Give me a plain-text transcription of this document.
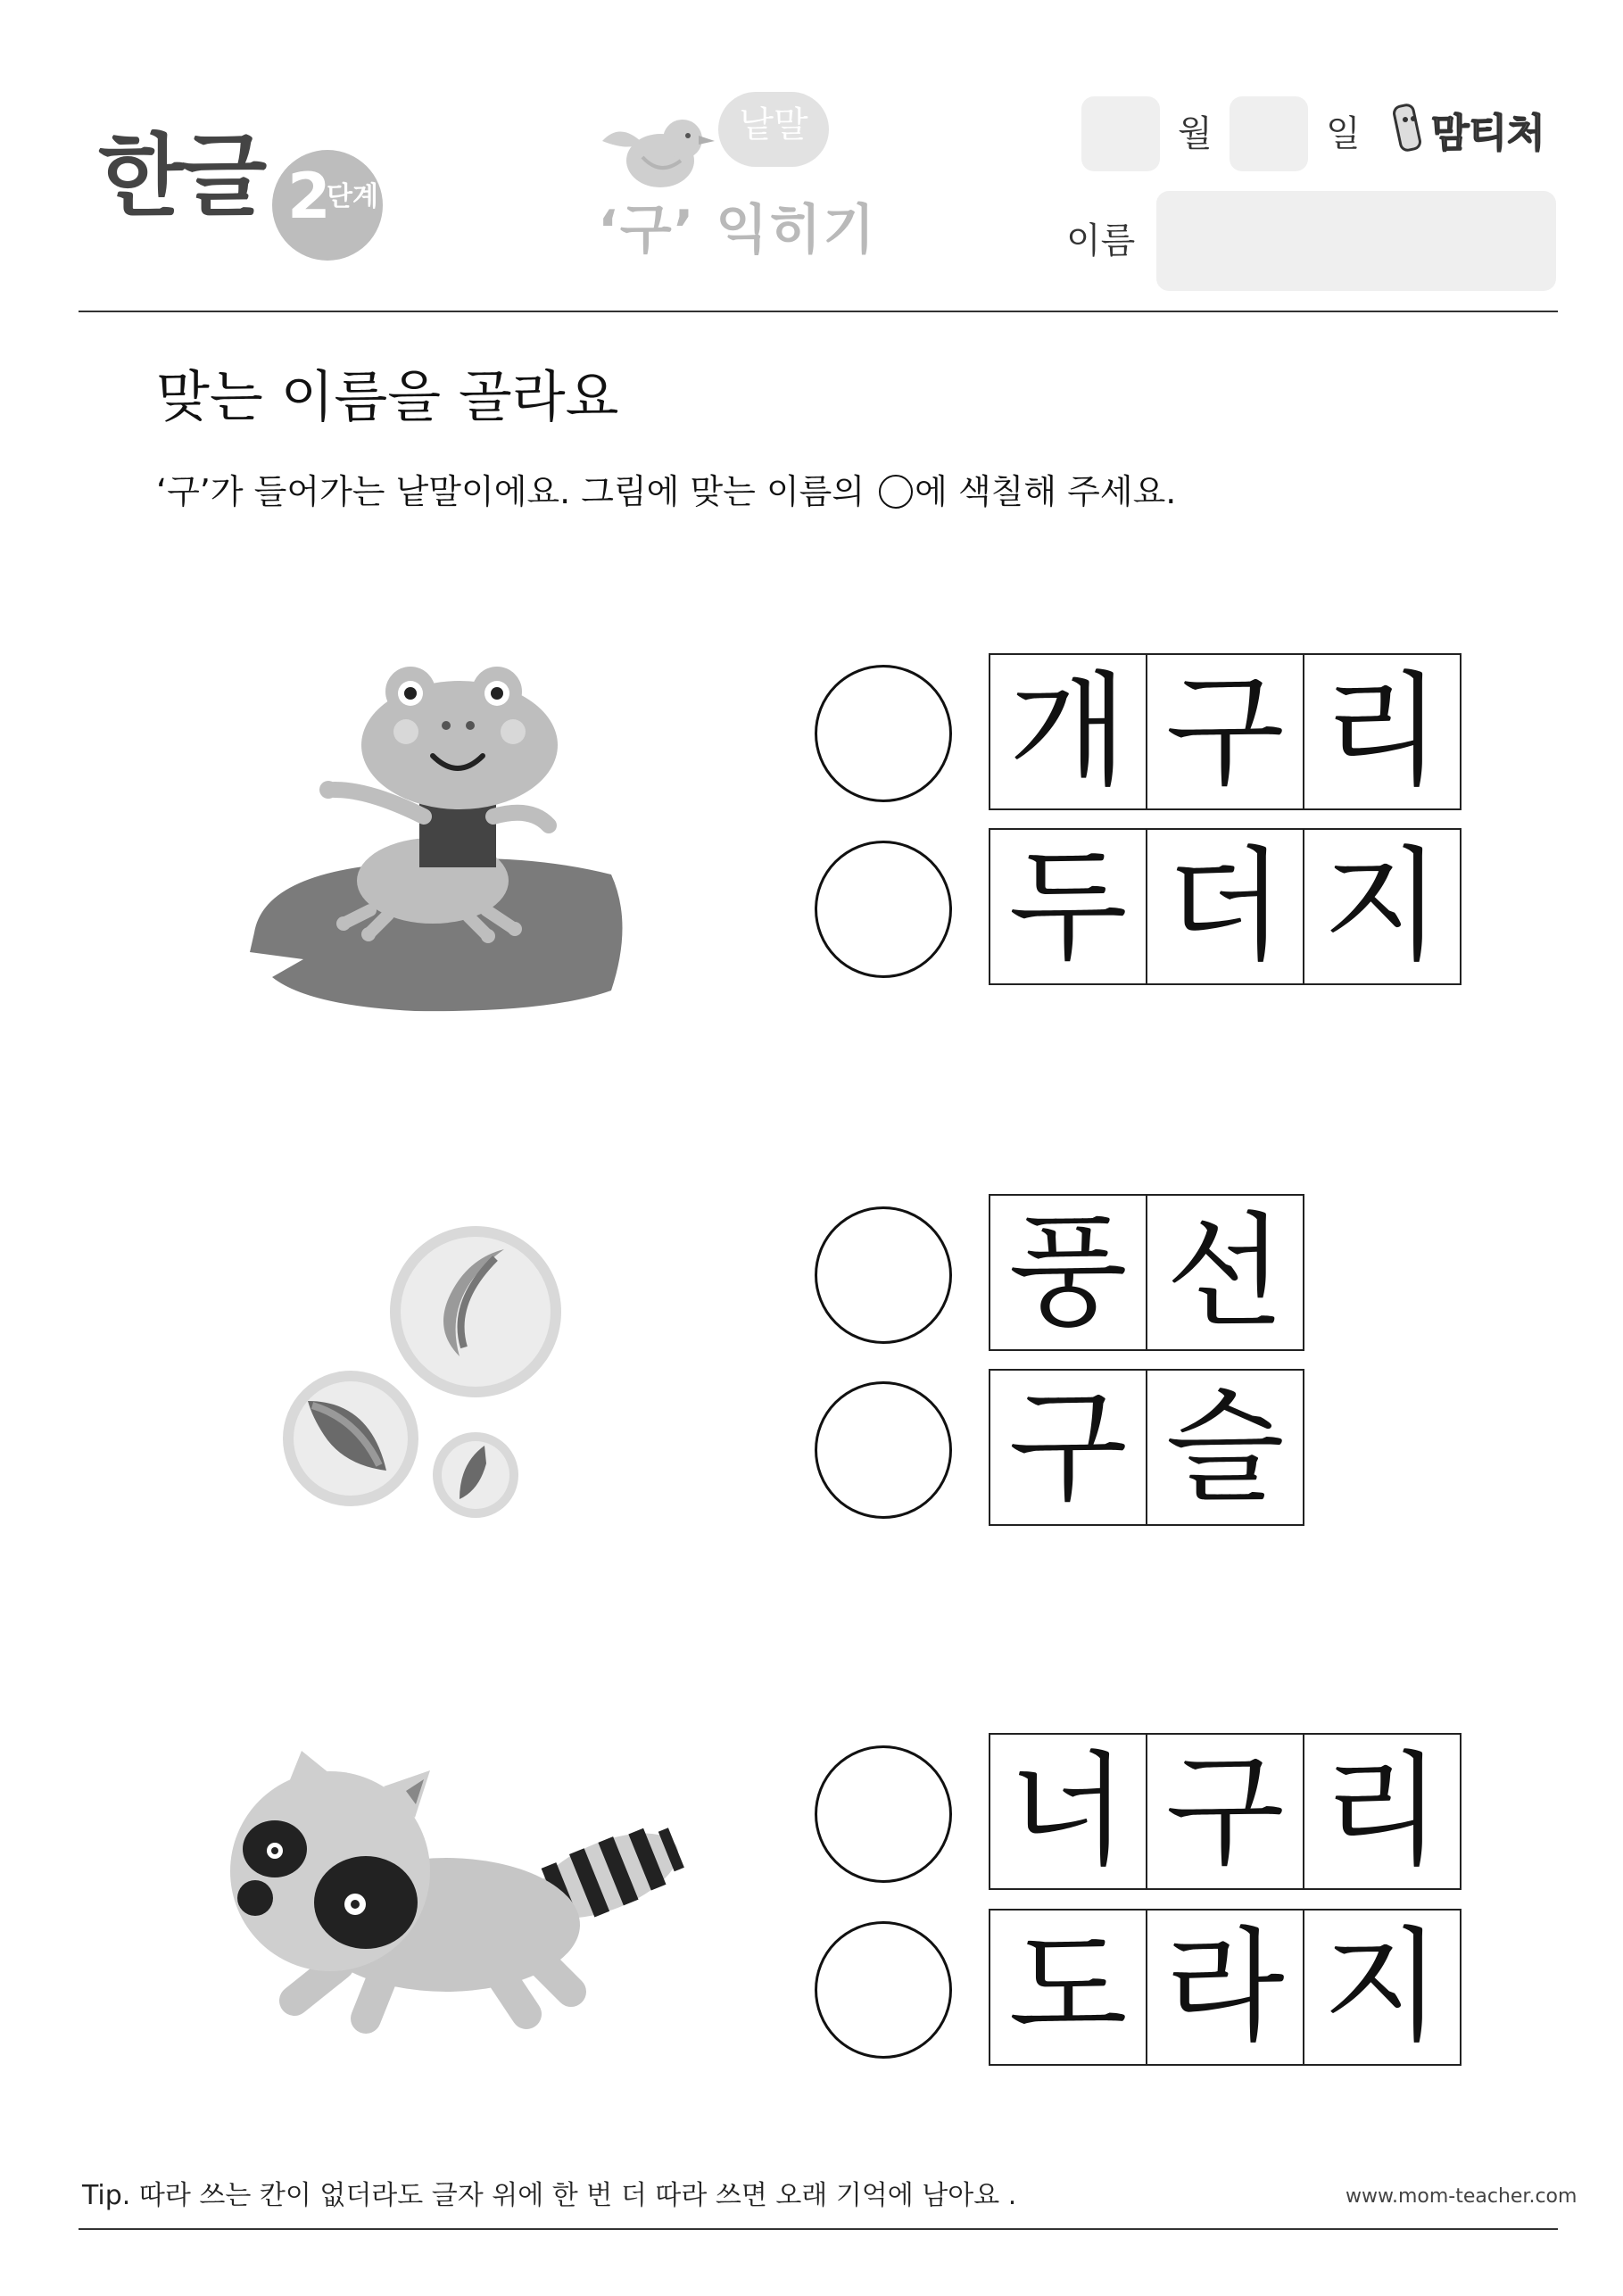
한글 2
단계
낱말
‘구’ 익히기
월	일 맘티처
이름
맞는 이름을 골라요
‘구’가 들어가는 낱말이에요. 그림에 맞는 이름의 에 색칠해 주세요.
개 구 리
두 더 지
풍 선
구 슬
너 구 리
도 라 지
Tip. 따라 쓰는 칸이 없더라도 글자 위에 한 번 더 따라 쓰면 오래 기억에 남아요 .	www.mom-teacher.com
